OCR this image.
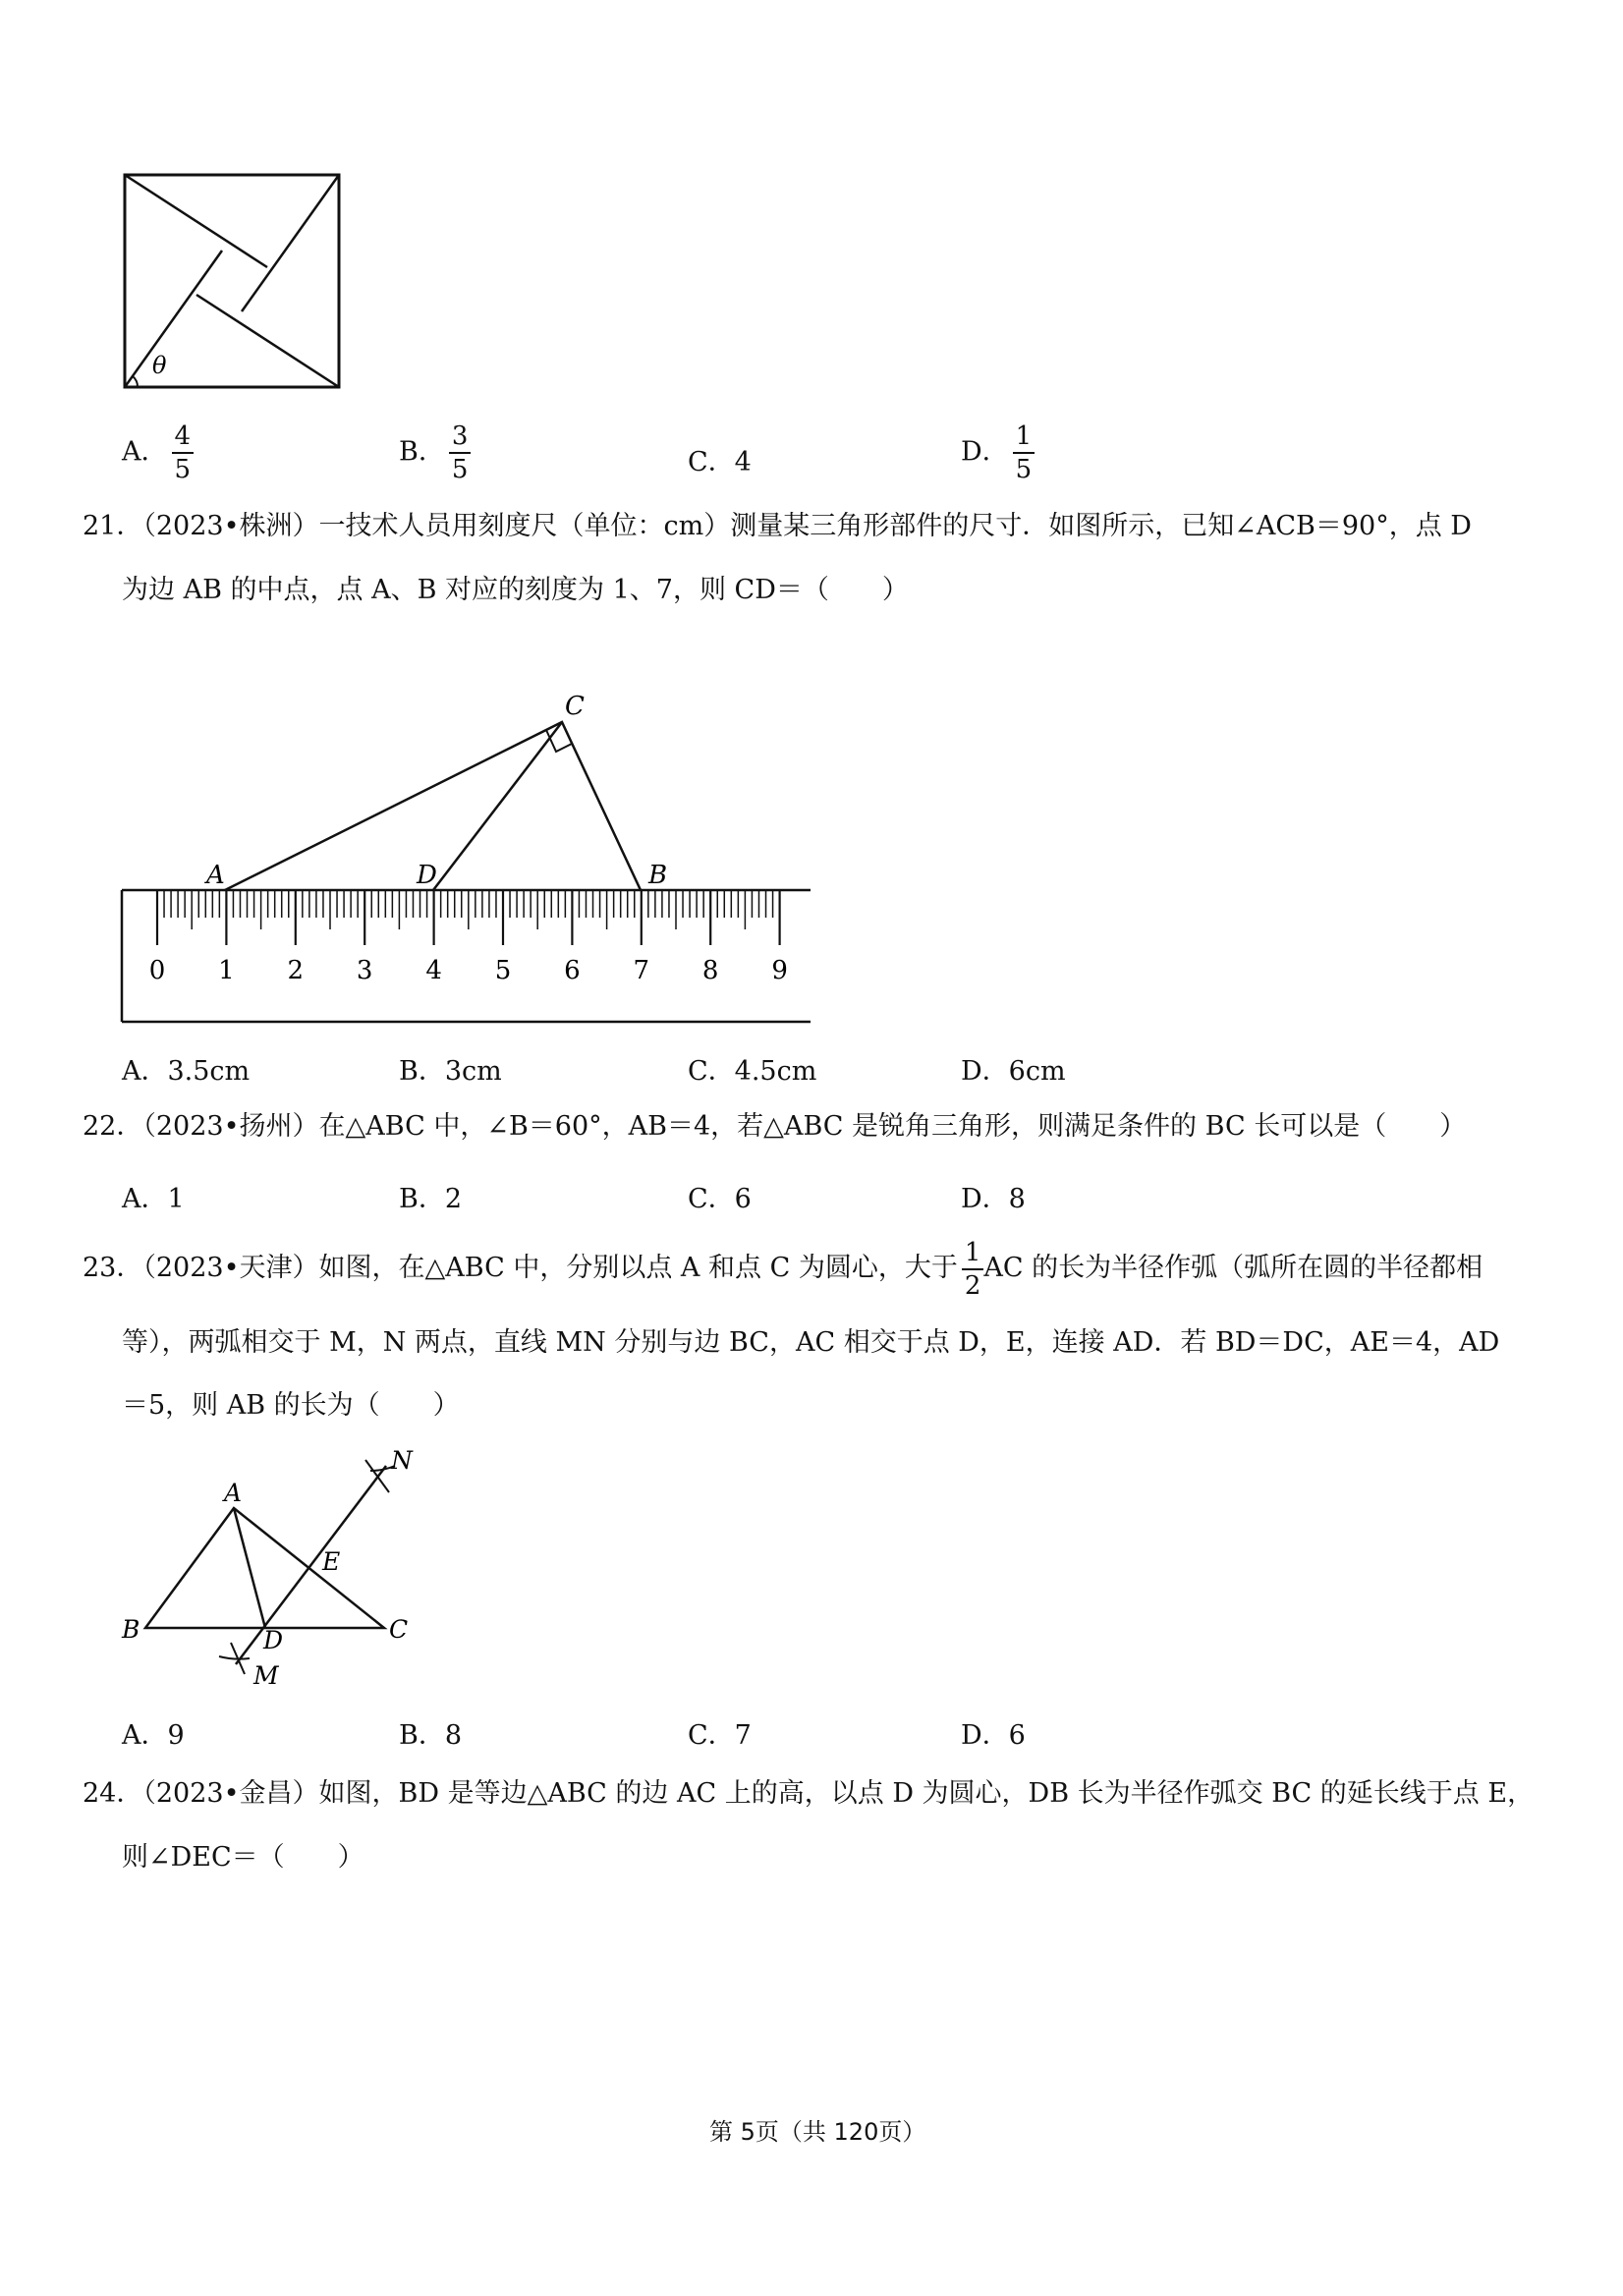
θ
A． $\frac{4}{5}$	B． $\frac{3}{5}$	C．4	D． $\frac{1}{5}$
21．（2023•株洲）一技术人员用刻度尺（单位：cm）测量某三角形部件的尺寸．如图所示，已知∠ACB＝90°，点 D
为边 AB 的中点，点 A、B 对应的刻度为 1、7，则 CD＝（　　）
0 1 2 3 4 5 6 7 8 9
A	B
C
D
A．3.5cm	B．3cm	C．4.5cm	D．6cm
22．（2023•扬州）在△ABC 中，∠B＝60°，AB＝4，若△ABC 是锐角三角形，则满足条件的 BC 长可以是（　　）
A．1	B．2	C．6	D．8
23．（2023•天津）如图，在△ABC 中，分别以点 A 和点 C 为圆心，大于 $\frac{1}{2}$ AC 的长为半径作弧（弧所在圆的半径都相
等），两弧相交于 M，N 两点，直线 MN 分别与边 BC，AC 相交于点 D，E，连接 AD．若 BD＝DC，AE＝4，AD
＝5，则 AB 的长为（　　）
A
B	C
D
E
M
N
A．9	B．8	C．7	D．6
24．（2023•金昌）如图，BD 是等边△ABC 的边 AC 上的高，以点 D 为圆心，DB 长为半径作弧交 BC 的延长线于点 E，
则∠DEC＝（　　）
第 5页（共 120页）
